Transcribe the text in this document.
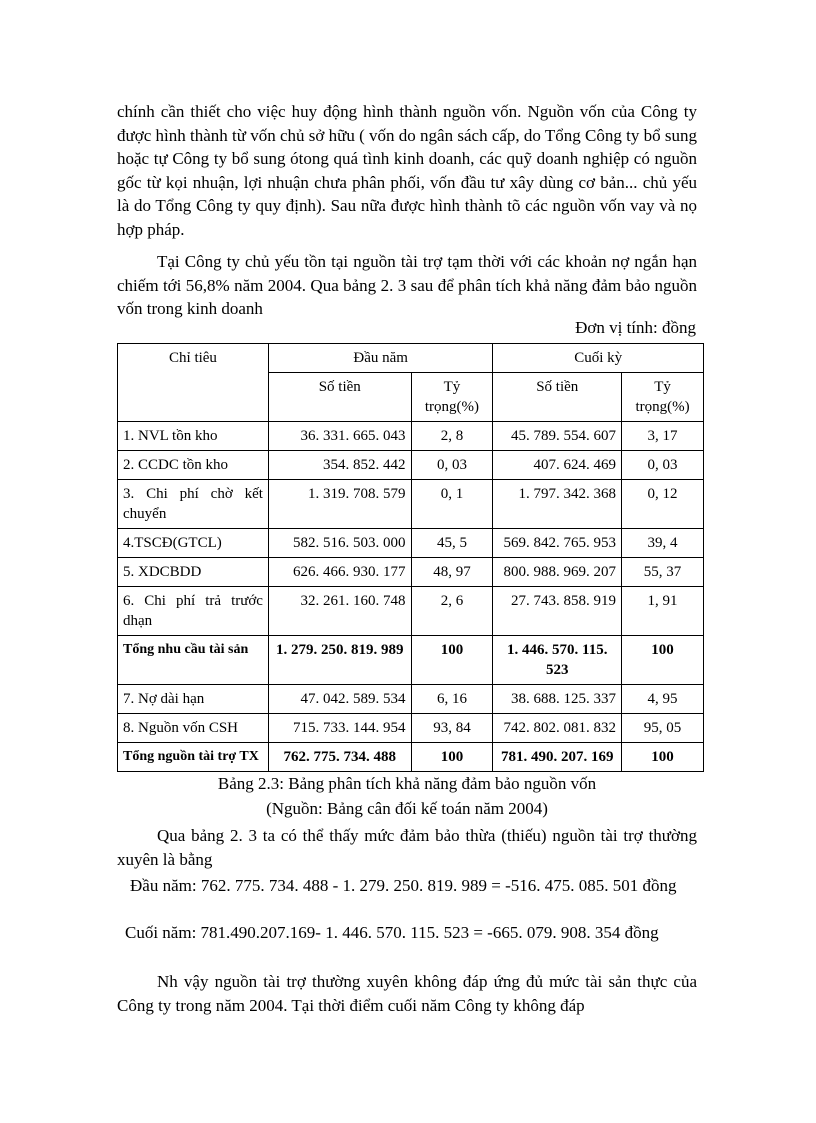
chính cần thiết cho việc huy động hình thành nguồn vốn. Nguồn vốn của Công ty được hình thành từ vốn chủ sở hữu ( vốn do ngân sách cấp, do Tổng Công ty bổ sung hoặc tự Công ty bổ sung ótong quá tình kinh doanh, các quỹ doanh nghiệp có nguồn gốc từ kọi nhuận, lợi nhuận chưa phân phối, vốn đầu tư xây dùng cơ bản... chủ yếu là do Tổng Công ty quy định). Sau nữa được hình thành tõ các nguồn vốn vay và nọ hợp pháp.

Tại Công ty chủ yếu tồn tại nguồn tài trợ tạm thời với các khoản nợ ngắn hạn chiếm tới 56,8% năm 2004. Qua bảng 2. 3 sau để phân tích khả năng đảm bảo nguồn vốn trong kinh doanh

Đơn vị tính: đồng
Chỉ tiêu	Đầu năm		Cuối kỳ	
	Số tiền	Tỷ trọng(%)	Số tiền	Tỷ trọng(%)
1. NVL tồn kho	36. 331. 665. 043	2, 8	45. 789. 554. 607	3, 17
2. CCDC tồn kho	354. 852. 442	0, 03	407. 624. 469	0, 03
3. Chi phí chờ kết chuyển	1. 319. 708. 579	0, 1	1. 797. 342. 368	0, 12
4.TSCĐ(GTCL)	582. 516. 503. 000	45, 5	569. 842. 765. 953	39, 4
5. XDCBDD	626. 466. 930. 177	48, 97	800. 988. 969. 207	55, 37
6. Chi phí trả trước dhạn	32. 261. 160. 748	2, 6	27. 743. 858. 919	1, 91
Tổng nhu cầu tài sản	1. 279. 250. 819. 989	100	1. 446. 570. 115. 523	100
7. Nợ dài hạn	47. 042. 589. 534	6, 16	38. 688. 125. 337	4, 95
8. Nguồn vốn CSH	715. 733. 144. 954	93, 84	742. 802. 081. 832	95, 05
Tổng nguồn tài trợ TX	762. 775. 734. 488	100	781. 490. 207. 169	100
Bảng 2.3: Bảng phân tích khả năng đảm bảo nguồn vốn
(Nguồn: Bảng cân đối kế toán năm 2004)

Qua bảng 2. 3 ta có thể thấy mức đảm bảo thừa (thiếu) nguồn tài trợ thường xuyên là bằng

Đầu năm: 762. 775. 734. 488 - 1. 279. 250. 819. 989 = -516. 475. 085. 501 đồng
Cuối năm: 781.490.207.169- 1. 446. 570. 115. 523 = -665. 079. 908. 354 đồng

Nh vậy nguồn tài trợ thường xuyên không đáp ứng đủ mức tài sản thực của Công ty trong năm 2004. Tại thời điểm cuối năm Công ty không đáp
